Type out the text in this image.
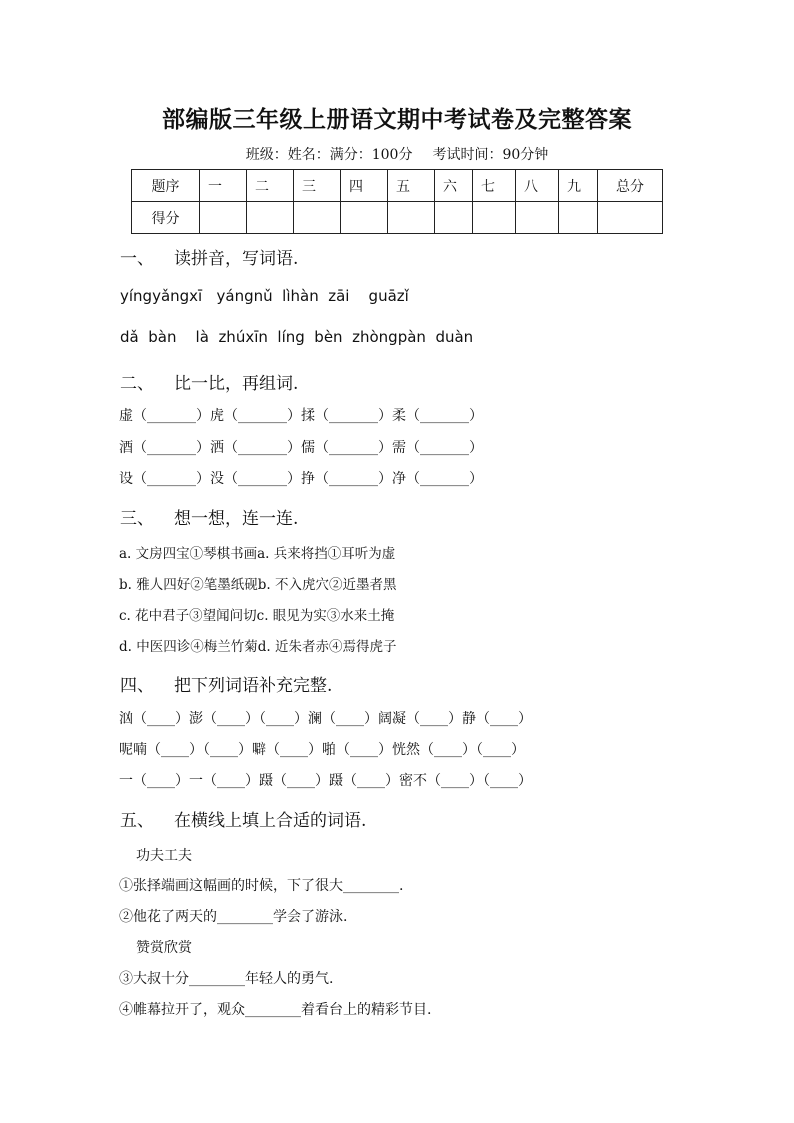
部编版三年级上册语文期中考试卷及完整答案
班级：姓名：满分：100分 考试时间：90分钟
题序	一	二	三	四	五	六	七	八	九	总分
得分										
一、 读拼音，写词语.
yíngyǎngxī   yángnǔ  lìhàn  zāi    guāzǐ
dǎ  bàn    là  zhúxīn  líng  bèn  zhòngpàn  duàn
二、 比一比，再组词.
虚（_______）虎（_______）揉（_______）柔（_______）
酒（_______）洒（_______）儒（_______）需（_______）
设（_______）没（_______）挣（_______）净（_______）
三、 想一想，连一连.
a. 文房四宝①琴棋书画a. 兵来将挡①耳听为虚
b. 雅人四好②笔墨纸砚b. 不入虎穴②近墨者黑
c. 花中君子③望闻问切c. 眼见为实③水来土掩
d. 中医四诊④梅兰竹菊d. 近朱者赤④焉得虎子
四、 把下列词语补充完整.
汹（____）澎（____）（____）澜（____）阔凝（____）静（____）
呢喃（____）（____）噼（____）啪（____）恍然（____）（____）
一（____）一（____）蹑（____）蹑（____）密不（____）（____）
五、 在横线上填上合适的词语.
功夫工夫
①张择端画这幅画的时候，下了很大________.
②他花了两天的________学会了游泳.
赞赏欣赏
③大叔十分________年轻人的勇气.
④帷幕拉开了，观众________着看台上的精彩节目.
